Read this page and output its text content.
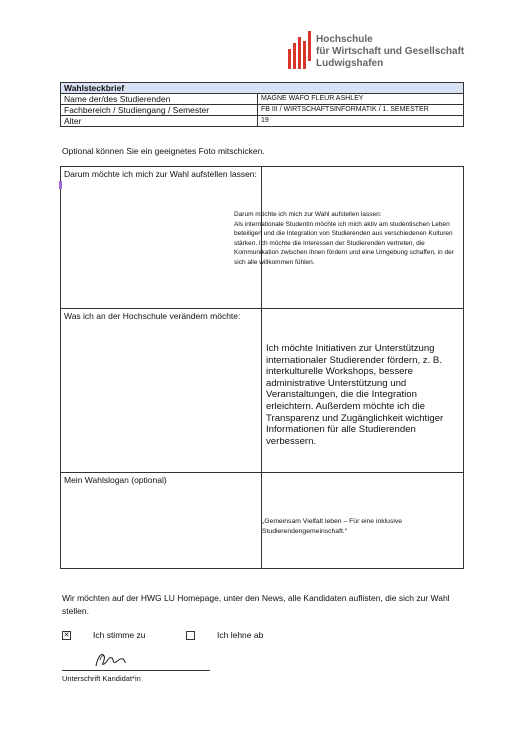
Hochschule
für Wirtschaft und Gesellschaft
Ludwigshafen
Wahlsteckbrief	
Name der/des Studierenden	MAGNE WAFO FLEUR ASHLEY
Fachbereich / Studiengang / Semester	FB III / WIRTSCHAFTSINFORMATIK / 1. SEMESTER
Alter	19
Optional können Sie ein geeignetes Foto mitschicken.
Darum möchte ich mich zur Wahl aufstellen lassen:
Darum möchte ich mich zur Wahl aufstellen lassen:
Als internationale Studentin möchte ich mich aktiv am studentischen Leben beteiligen und die Integration von Studierenden aus verschiedenen Kulturen stärken. Ich möchte die Interessen der Studierenden vertreten, die Kommunikation zwischen ihnen fördern und eine Umgebung schaffen, in der sich alle willkommen fühlen.
Was ich an der Hochschule verändern möchte:
Ich möchte Initiativen zur Unterstützung internationaler Studierender fördern, z. B. interkulturelle Workshops, bessere administrative Unterstützung und Veranstaltungen, die die Integration erleichtern. Außerdem möchte ich die Transparenz und Zugänglichkeit wichtiger Informationen für alle Studierenden verbessern.
Mein Wahlslogan (optional)
„Gemeinsam Vielfalt leben – Für eine inklusive Studierendengemeinschaft.“
Wir möchten auf der HWG LU Homepage, unter den News, alle Kandidaten auflisten, die sich zur Wahl stellen.
✕
Ich stimme zu	Ich lehne ab
Unterschrift Kandidat*in
